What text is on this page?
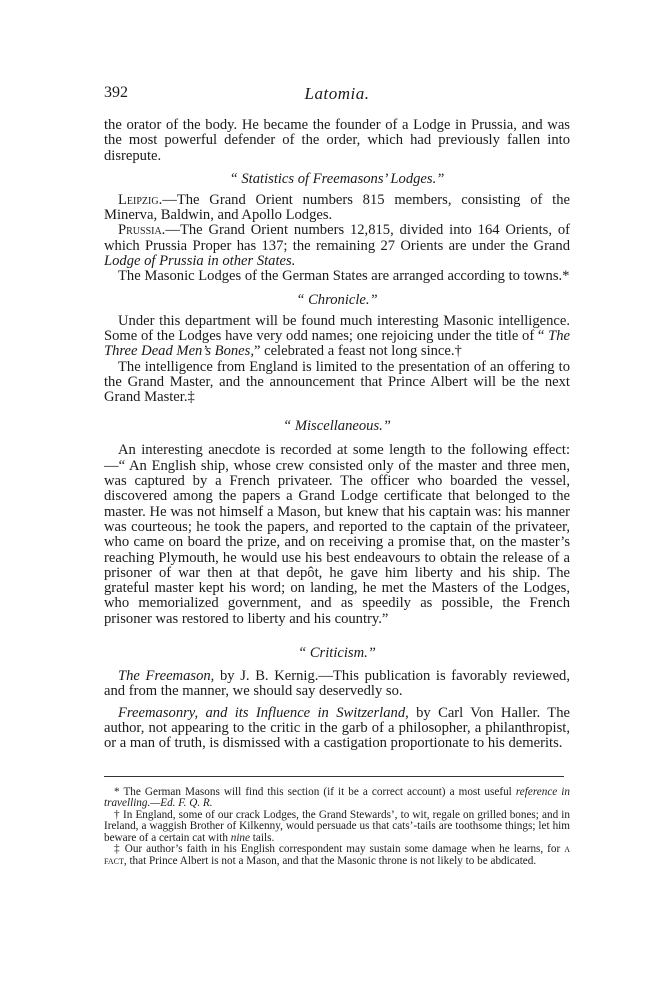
392	Latomia.

the orator of the body. He became the founder of a Lodge in Prussia, and was the most powerful defender of the order, which had previously fallen into disrepute.

“ Statistics of Freemasons’ Lodges.”

Leipzig.—The Grand Orient numbers 815 members, consisting of the Minerva, Baldwin, and Apollo Lodges.

Prussia.—The Grand Orient numbers 12,815, divided into 164 Orients, of which Prussia Proper has 137; the remaining 27 Orients are under the Grand Lodge of Prussia in other States.

The Masonic Lodges of the German States are arranged according to towns.*

“ Chronicle.”

Under this department will be found much interesting Masonic intelligence. Some of the Lodges have very odd names; one rejoicing under the title of “ The Three Dead Men’s Bones,” celebrated a feast not long since.†

The intelligence from England is limited to the presentation of an offering to the Grand Master, and the announcement that Prince Albert will be the next Grand Master.‡

“ Miscellaneous.”

An interesting anecdote is recorded at some length to the following effect:—“ An English ship, whose crew consisted only of the master and three men, was captured by a French privateer. The officer who boarded the vessel, discovered among the papers a Grand Lodge certificate that belonged to the master. He was not himself a Mason, but knew that his captain was: his manner was courteous; he took the papers, and reported to the captain of the privateer, who came on board the prize, and on receiving a promise that, on the master’s reaching Plymouth, he would use his best endeavours to obtain the release of a prisoner of war then at that depôt, he gave him liberty and his ship. The grateful master kept his word; on landing, he met the Masters of the Lodges, who memorialized government, and as speedily as possible, the French prisoner was restored to liberty and his country.”

“ Criticism.”

The Freemason, by J. B. Kernig.—This publication is favorably reviewed, and from the manner, we should say deservedly so.

Freemasonry, and its Influence in Switzerland, by Carl Von Haller. The author, not appearing to the critic in the garb of a philosopher, a philanthropist, or a man of truth, is dismissed with a castigation proportionate to his demerits.

* The German Masons will find this section (if it be a correct account) a most useful reference in travelling.—Ed. F. Q. R.

† In England, some of our crack Lodges, the Grand Stewards’, to wit, regale on grilled bones; and in Ireland, a waggish Brother of Kilkenny, would persuade us that cats’-tails are toothsome things; let him beware of a certain cat with nine tails.

‡ Our author’s faith in his English correspondent may sustain some damage when he learns, for a fact, that Prince Albert is not a Mason, and that the Masonic throne is not likely to be abdicated.
